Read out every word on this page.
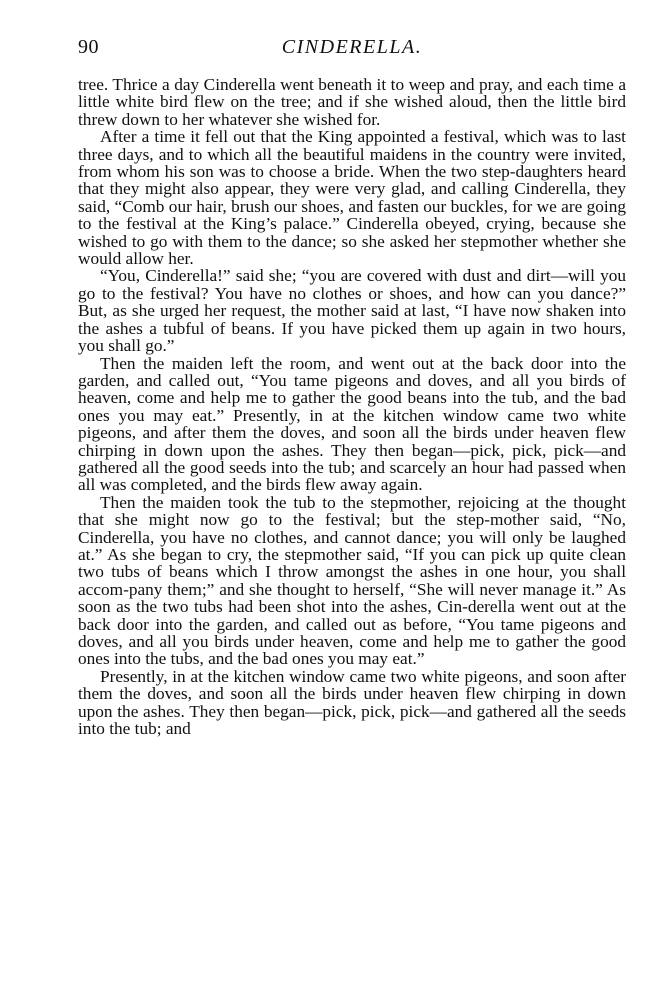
90	CINDERELLA.

tree. Thrice a day Cinderella went beneath it to weep and pray, and each time a little white bird flew on the tree; and if she wished aloud, then the little bird threw down to her whatever she wished for.

After a time it fell out that the King appointed a festival, which was to last three days, and to which all the beautiful maidens in the country were invited, from whom his son was to choose a bride. When the two step-daughters heard that they might also appear, they were very glad, and calling Cinderella, they said, “Comb our hair, brush our shoes, and fasten our buckles, for we are going to the festival at the King’s palace.” Cinderella obeyed, crying, because she wished to go with them to the dance; so she asked her stepmother whether she would allow her.

“You, Cinderella!” said she; “you are covered with dust and dirt—will you go to the festival? You have no clothes or shoes, and how can you dance?” But, as she urged her request, the mother said at last, “I have now shaken into the ashes a tubful of beans. If you have picked them up again in two hours, you shall go.”

Then the maiden left the room, and went out at the back door into the garden, and called out, “You tame pigeons and doves, and all you birds of heaven, come and help me to gather the good beans into the tub, and the bad ones you may eat.” Presently, in at the kitchen window came two white pigeons, and after them the doves, and soon all the birds under heaven flew chirping in down upon the ashes. They then began—pick, pick, pick—and gathered all the good seeds into the tub; and scarcely an hour had passed when all was completed, and the birds flew away again.

Then the maiden took the tub to the stepmother, rejoicing at the thought that she might now go to the festival; but the step-mother said, “No, Cinderella, you have no clothes, and cannot dance; you will only be laughed at.” As she began to cry, the stepmother said, “If you can pick up quite clean two tubs of beans which I throw amongst the ashes in one hour, you shall accom-pany them;” and she thought to herself, “She will never manage it.” As soon as the two tubs had been shot into the ashes, Cin-derella went out at the back door into the garden, and called out as before, “You tame pigeons and doves, and all you birds under heaven, come and help me to gather the good ones into the tubs, and the bad ones you may eat.”

Presently, in at the kitchen window came two white pigeons, and soon after them the doves, and soon all the birds under heaven flew chirping in down upon the ashes. They then began—pick, pick, pick—and gathered all the seeds into the tub; and
